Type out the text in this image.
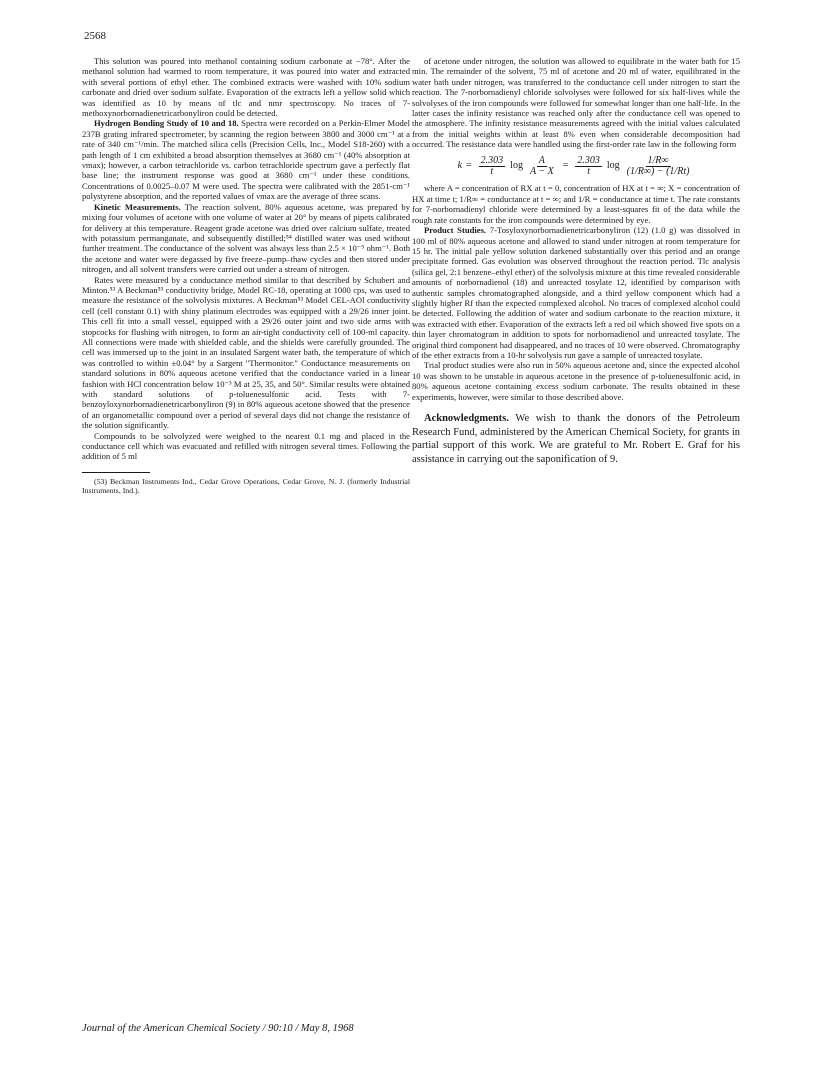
2568

This solution was poured into methanol containing sodium carbonate at −78°. After the methanol solution had warmed to room temperature, it was poured into water and extracted with several portions of ethyl ether. The combined extracts were washed with 10% sodium carbonate and dried over sodium sulfate. Evaporation of the extracts left a yellow solid which was identified as 10 by means of tlc and nmr spectroscopy. No traces of 7-methoxynorbornadienetricarbonyliron could be detected.

Hydrogen Bonding Study of 10 and 18. Spectra were recorded on a Perkin-Elmer Model 237B grating infrared spectrometer, by scanning the region between 3800 and 3000 cm⁻¹ at a rate of 340 cm⁻¹/min. The matched silica cells (Precision Cells, Inc., Model S18-260) with a path length of 1 cm exhibited a broad absorption themselves at 3680 cm⁻¹ (40% absorption at νmax); however, a carbon tetrachloride vs. carbon tetrachloride spectrum gave a perfectly flat base line; the instrument response was good at 3680 cm⁻¹ under these conditions. Concentrations of 0.0025–0.07 M were used. The spectra were calibrated with the 2851-cm⁻¹ polystyrene absorption, and the reported values of νmax are the average of three scans.

Kinetic Measurements. The reaction solvent, 80% aqueous acetone, was prepared by mixing four volumes of acetone with one volume of water at 20° by means of pipets calibrated for delivery at this temperature. Reagent grade acetone was dried over calcium sulfate, treated with potassium permanganate, and subsequently distilled;⁵⁴ distilled water was used without further treatment. The conductance of the solvent was always less than 2.5 × 10⁻⁵ ohm⁻¹. Both the acetone and water were degassed by five freeze–pump–thaw cycles and then stored under nitrogen, and all solvent transfers were carried out under a stream of nitrogen.

Rates were measured by a conductance method similar to that described by Schubert and Minton.⁵³ A Beckman⁵³ conductivity bridge, Model RC-18, operating at 1000 cps, was used to measure the resistance of the solvolysis mixtures. A Beckman⁵³ Model CEL-AOl conductivity cell (cell constant 0.1) with shiny platinum electrodes was equipped with a 29/26 inner joint. This cell fit into a small vessel, equipped with a 29/26 outer joint and two side arms with stopcocks for flushing with nitrogen, to form an air-tight conductivity cell of 100-ml capacity. All connections were made with shielded cable, and the shields were carefully grounded. The cell was immersed up to the joint in an insulated Sargent water bath, the temperature of which was controlled to within ±0.04° by a Sargent "Thermonitor." Conductance measurements on standard solutions in 80% aqueous acetone verified that the conductance varied in a linear fashion with HCl concentration below 10⁻³ M at 25, 35, and 50°. Similar results were obtained with standard solutions of p-toluenesulfonic acid. Tests with 7-benzoyloxynorbornadienetricarbonyliron (9) in 80% aqueous acetone showed that the presence of an organometallic compound over a period of several days did not change the resistance of the solution significantly.

Compounds to be solvolyzed were weighed to the nearest 0.1 mg and placed in the conductance cell which was evacuated and refilled with nitrogen several times. Following the addition of 5 ml

(53) Beckman Instruments Ind., Cedar Grove Operations, Cedar Grove, N. J. (formerly Industrial Instruments, Ind.).

of acetone under nitrogen, the solution was allowed to equilibrate in the water bath for 15 min. The remainder of the solvent, 75 ml of acetone and 20 ml of water, equilibrated in the water bath under nitrogen, was transferred to the conductance cell under nitrogen to start the reaction. The 7-norbornadienyl chloride solvolyses were followed for six half-lives while the solvolyses of the iron compounds were followed for somewhat longer than one half-life. In the latter cases the infinity resistance was reached only after the conductance cell was opened to the atmosphere. The infinity resistance measurements agreed with the initial values calculated from the initial weights within at least 8% even when considerable decomposition had occurred. The resistance data were handled using the first-order rate law in the following form

$k = \frac{2.303}{t}$ $\log \frac{A}{A - X} = \frac{2.303}{t}$ $\log \frac{1/R\infty}{(1/R\infty) - (1/Rt)}$

where A = concentration of RX at t = 0, concentration of HX at t = ∞; X = concentration of HX at time t; 1/R∞ = conductance at t = ∞; and 1/R = conductance at time t. The rate constants for 7-norbornadienyl chloride were determined by a least-squares fit of the data while the rough rate constants for the iron compounds were determined by eye.

Product Studies. 7-Tosyloxynorbornadienetricarbonyliron (12) (1.0 g) was dissolved in 100 ml of 80% aqueous acetone and allowed to stand under nitrogen at room temperature for 15 hr. The initial pale yellow solution darkened substantially over this period and an orange precipitate formed. Gas evolution was observed throughout the reaction period. Tlc analysis (silica gel, 2:1 benzene–ethyl ether) of the solvolysis mixture at this time revealed considerable amounts of norbornadienol (18) and unreacted tosylate 12, identified by comparison with authentic samples chromatographed alongside, and a third yellow component which had a slightly higher Rf than the expected complexed alcohol. No traces of complexed alcohol could be detected. Following the addition of water and sodium carbonate to the reaction mixture, it was extracted with ether. Evaporation of the extracts left a red oil which showed five spots on a thin layer chromatogram in addition to spots for norbornadienol and unreacted tosylate. The original third component had disappeared, and no traces of 10 were observed. Chromatography of the ether extracts from a 10-hr solvolysis run gave a sample of unreacted tosylate.

Trial product studies were also run in 50% aqueous acetone and, since the expected alcohol 10 was shown to be unstable in aqueous acetone in the presence of p-toluenesulfonic acid, in 80% aqueous acetone containing excess sodium carbonate. The results obtained in these experiments, however, were similar to those described above.

Acknowledgments. We wish to thank the donors of the Petroleum Research Fund, administered by the American Chemical Society, for grants in partial support of this work. We are grateful to Mr. Robert E. Graf for his assistance in carrying out the saponification of 9.

Journal of the American Chemical Society / 90:10 / May 8, 1968
